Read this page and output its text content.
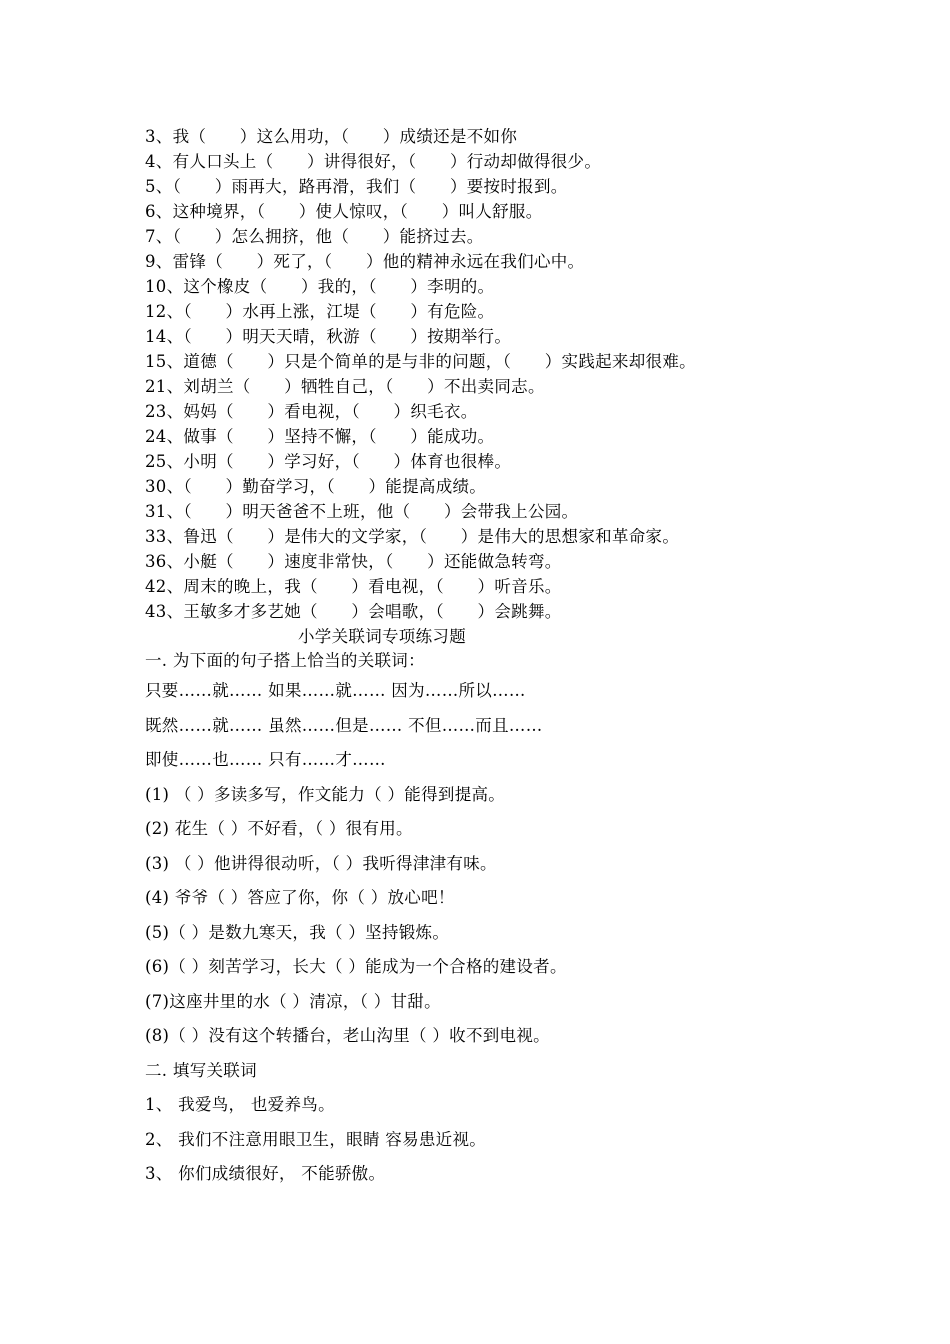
3、我（　　）这么用功，（　　）成绩还是不如你
4、有人口头上（　　）讲得很好，（　　）行动却做得很少。
5、（　　）雨再大，路再滑，我们（　　）要按时报到。
6、这种境界，（　　）使人惊叹，（　　）叫人舒服。
7、（　　）怎么拥挤，他（　　）能挤过去。
9、雷锋（　　）死了，（　　）他的精神永远在我们心中。
10、这个橡皮（　　）我的，（　　）李明的。
12、（　　）水再上涨，江堤（　　）有危险。
14、（　　）明天天晴，秋游（　　）按期举行。
15、道德（　　）只是个简单的是与非的问题，（　　）实践起来却很难。
21、刘胡兰（　　）牺牲自己，（　　）不出卖同志。
23、妈妈（　　）看电视，（　　）织毛衣。
24、做事（　　）坚持不懈，（　　）能成功。
25、小明（　　）学习好，（　　）体育也很棒。
30、（　　）勤奋学习，（　　）能提高成绩。
31、（　　）明天爸爸不上班，他（　　）会带我上公园。
33、鲁迅（　　）是伟大的文学家，（　　）是伟大的思想家和革命家。
36、小艇（　　）速度非常快，（　　）还能做急转弯。
42、周末的晚上，我（　　）看电视，（　　）听音乐。
43、王敏多才多艺她（　　）会唱歌，（　　）会跳舞。
小学关联词专项练习题
一. 为下面的句子搭上恰当的关联词：
只要……就…… 如果……就…… 因为……所以……
既然……就…… 虽然……但是…… 不但……而且……
即使……也…… 只有……才……
(1) （ ）多读多写，作文能力（ ）能得到提高。
(2) 花生（ ）不好看，（ ）很有用。
(3) （ ）他讲得很动听，（ ）我听得津津有味。
(4) 爷爷（ ）答应了你，你（ ）放心吧！
(5)（ ）是数九寒天，我（ ）坚持锻炼。
(6)（ ）刻苦学习，长大（ ）能成为一个合格的建设者。
(7)这座井里的水（ ）清凉，（ ）甘甜。
(8)（ ）没有这个转播台，老山沟里（ ）收不到电视。
二. 填写关联词
1、 我爱鸟， 也爱养鸟。
2、 我们不注意用眼卫生，眼睛 容易患近视。
3、 你们成绩很好， 不能骄傲。
